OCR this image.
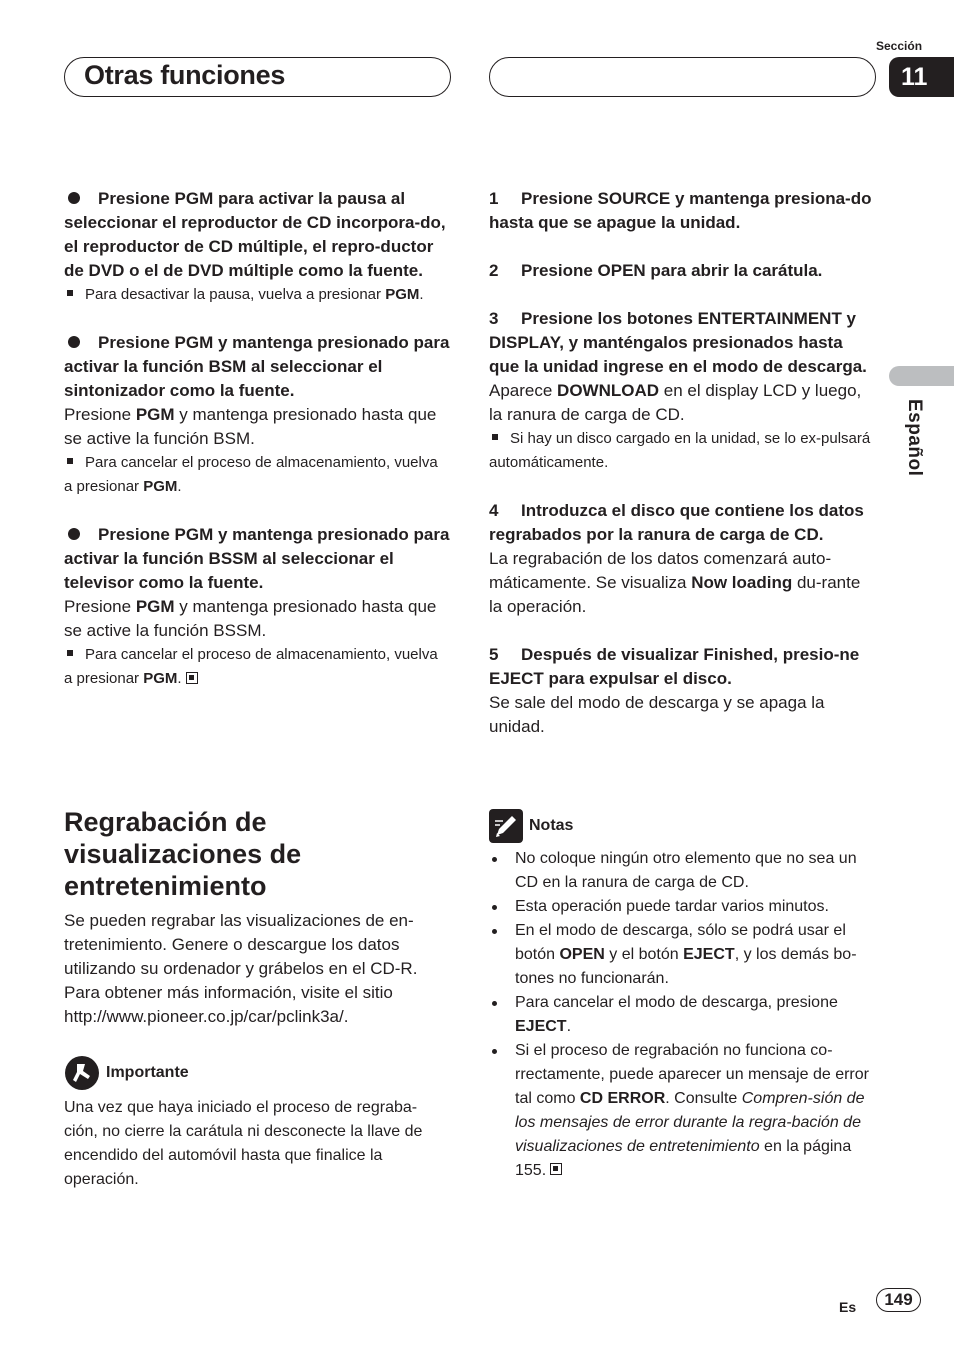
Otras funciones
Sección
11
Español

Presione PGM para activar la pausa al seleccionar el reproductor de CD incorpora-do, el reproductor de CD múltiple, el repro-ductor de DVD o el de DVD múltiple como la fuente.

Para desactivar la pausa, vuelva a presionar PGM.

Presione PGM y mantenga presionado para activar la función BSM al seleccionar el sintonizador como la fuente.

Presione PGM y mantenga presionado hasta que se active la función BSM.

Para cancelar el proceso de almacenamiento, vuelva a presionar PGM.

Presione PGM y mantenga presionado para activar la función BSSM al seleccionar el televisor como la fuente.

Presione PGM y mantenga presionado hasta que se active la función BSSM.

Para cancelar el proceso de almacenamiento, vuelva a presionar PGM.

Regrabación de visualizaciones de entretenimiento

Se pueden regrabar las visualizaciones de en-tretenimiento. Genere o descargue los datos utilizando su ordenador y grábelos en el CD-R. Para obtener más información, visite el sitio http://www.pioneer.co.jp/car/pclink3a/.

Importante

Una vez que haya iniciado el proceso de regraba-ción, no cierre la carátula ni desconecte la llave de encendido del automóvil hasta que finalice la operación.

1 Presione SOURCE y mantenga presiona-do hasta que se apague la unidad.

2 Presione OPEN para abrir la carátula.

3 Presione los botones ENTERTAINMENT y DISPLAY, y manténgalos presionados hasta que la unidad ingrese en el modo de descarga.

Aparece DOWNLOAD en el display LCD y luego, la ranura de carga de CD.

Si hay un disco cargado en la unidad, se lo ex-pulsará automáticamente.

4 Introduzca el disco que contiene los datos regrabados por la ranura de carga de CD.

La regrabación de los datos comenzará auto-máticamente. Se visualiza Now loading du-rante la operación.

5 Después de visualizar Finished, presio-ne EJECT para expulsar el disco.

Se sale del modo de descarga y se apaga la unidad.

Notas
No coloque ningún otro elemento que no sea un CD en la ranura de carga de CD.
Esta operación puede tardar varios minutos.
En el modo de descarga, sólo se podrá usar el botón OPEN y el botón EJECT, y los demás bo-tones no funcionarán.
Para cancelar el modo de descarga, presione EJECT.
Si el proceso de regrabación no funciona co-rrectamente, puede aparecer un mensaje de error tal como CD ERROR. Consulte Compren-sión de los mensajes de error durante la regra-bación de visualizaciones de entretenimiento en la página 155.
Es	149
